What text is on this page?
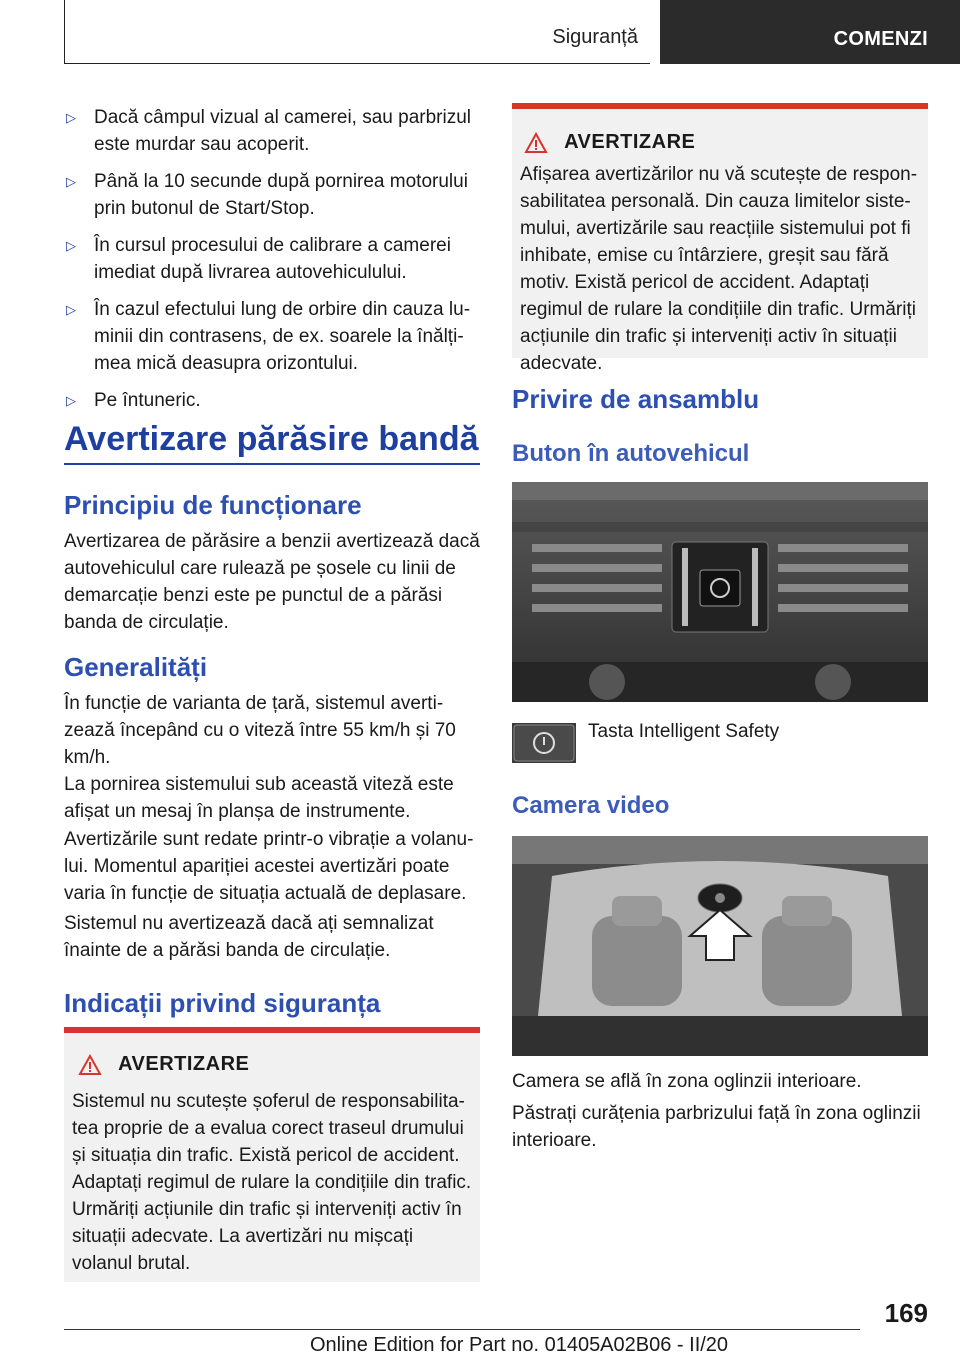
Siguranță	COMENZI
▷ Dacă câmpul vizual al camerei, sau parbrizul este murdar sau acoperit.
▷ Până la 10 secunde după pornirea motorului prin butonul de Start/Stop.
▷ În cursul procesului de calibrare a camerei imediat după livrarea autovehiculului.
▷ În cazul efectului lung de orbire din cauza luminii din contrasens, de ex. soarele la înălțimea mică deasupra orizontului.
▷ Pe întuneric.
Avertizare părăsire bandă
Principiu de funcționare

Avertizarea de părăsire a benzii avertizează dacă autovehiculul care rulează pe șosele cu linii de demarcație benzi este pe punctul de a părăsi banda de circulație.

Generalități

În funcție de varianta de țară, sistemul avertizează începând cu o viteză între 55 km/h și 70 km/h.

La pornirea sistemului sub această viteză este afișat un mesaj în planșa de instrumente.

Avertizările sunt redate printr-o vibrație a volanului. Momentul apariției acestei avertizări poate varia în funcție de situația actuală de deplasare.

Sistemul nu avertizează dacă ați semnalizat înainte de a părăsi banda de circulație.

Indicații privind siguranța
AVERTIZARE
Sistemul nu scutește șoferul de responsabilitatea proprie de a evalua corect traseul drumului și situația din trafic. Există pericol de accident. Adaptați regimul de rulare la condițiile din trafic. Urmăriți acțiunile din trafic și interveniți activ în situații adecvate. La avertizări nu mișcați volanul brutal.
AVERTIZARE
Afișarea avertizărilor nu vă scutește de responsabilitatea personală. Din cauza limitelor sistemului, avertizările sau reacțiile sistemului pot fi inhibate, emise cu întârziere, greșit sau fără motiv. Există pericol de accident. Adaptați regimul de rulare la condițiile din trafic. Urmăriți acțiunile din trafic și interveniți activ în situații adecvate.
Privire de ansamblu
Buton în autovehicul
Tasta Intelligent Safety
Camera video

Camera se află în zona oglinzii interioare.

Păstrați curățenia parbrizului față în zona oglinzii interioare.

169
Online Edition for Part no. 01405A02B06 - II/20
